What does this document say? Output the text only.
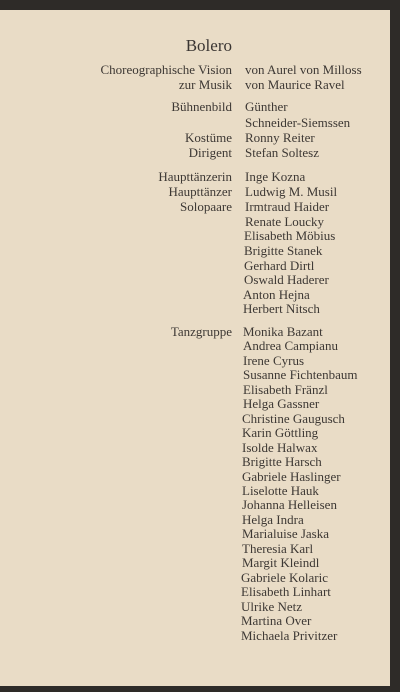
Bolero
Choreographische Vision von Aurel von Milloss
zur Musik von Maurice Ravel
Bühnenbild Günther
Schneider-Siemssen
Kostüme Ronny Reiter
Dirigent Stefan Soltesz
Haupttänzerin Inge Kozna
Haupttänzer Ludwig M. Musil
Solopaare Irmtraud Haider
Renate Loucky
Elisabeth Möbius
Brigitte Stanek
Gerhard Dirtl
Oswald Haderer
Anton Hejna
Herbert Nitsch
Tanzgruppe Monika Bazant
Andrea Campianu
Irene Cyrus
Susanne Fichtenbaum
Elisabeth Fränzl
Helga Gassner
Christine Gaugusch
Karin Göttling
Isolde Halwax
Brigitte Harsch
Gabriele Haslinger
Liselotte Hauk
Johanna Helleisen
Helga Indra
Marialuise Jaska
Theresia Karl
Margit Kleindl
Gabriele Kolaric
Elisabeth Linhart
Ulrike Netz
Martina Over
Michaela Privitzer
